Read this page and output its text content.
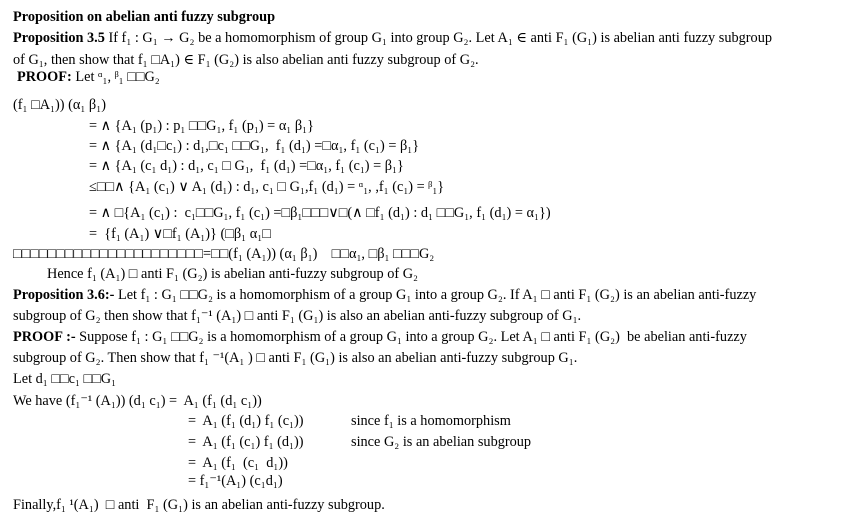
Proposition on abelian anti fuzzy subgroup
Proposition 3.5 If f₁ : G₁ → G₂ be a homomorphism of group G₁ into group G₂. Let A₁ ∈ anti F₁ (G₁) is abelian anti fuzzy subgroup
of G₁, then show that f₁ □A₁) ∈ F₁ (G₂) is also abelian anti fuzzy subgroup of G₂.
PROOF: Let ᵅ₁, ᵝ₁ □□G₂
(f₁ □A₁)) (α₁ β₁)
= ∧ {A₁ (p₁) : p₁ □□G₁, f₁ (p₁) = α₁ β₁}
= ∧ {A₁ (d₁□c₁) : d₁,□c₁ □□G₁,  f₁ (d₁) =□α₁, f₁ (c₁) = β₁}
= ∧ {A₁ (c₁ d₁) : d₁, c₁ □ G₁,  f₁ (d₁) =□α₁, f₁ (c₁) = β₁}
≤□□∧ {A₁ (c₁) ∨ A₁ (d₁) : d₁, c₁ □ G₁,f₁ (d₁) = ᵅ₁, ,f₁ (c₁) = ᵝ₁}
= ∧ □{A₁ (c₁) :  c₁□□G₁, f₁ (c₁) =□β₁□□□∨□(∧ □f₁ (d₁) : d₁ □□G₁, f₁ (d₁) = α₁})
=  {f₁ (A₁) ∨□f₁ (A₁)} (□β₁ α₁□
□□□□□□□□□□□□□□□□□□□□□□=□□(f₁ (A₁)) (α₁ β₁)    □□α₁, □β₁ □□□G₂
Hence f₁ (A₁) □ anti F₁ (G₂) is abelian anti-fuzzy subgroup of G₂
Proposition 3.6:- Let f₁ : G₁ □□G₂ is a homomorphism of a group G₁ into a group G₂. If A₁ □ anti F₁ (G₂) is an abelian anti-fuzzy
subgroup of G₂ then show that f₁⁻¹ (A₁) □ anti F₁ (G₁) is also an abelian anti-fuzzy subgroup of G₁.
PROOF :- Suppose f₁ : G₁ □□G₂ is a homomorphism of a group G₁ into a group G₂. Let A₁ □ anti F₁ (G₂)  be abelian anti-fuzzy
subgroup of G₂. Then show that f₁ ⁻¹(A₁ ) □ anti F₁ (G₁) is also an abelian anti-fuzzy subgroup G₁.
Let d₁ □□c₁ □□G₁
We have (f₁⁻¹ (A₁)) (d₁ c₁) =  A₁ (f₁ (d₁ c₁))
=  A₁ (f₁ (d₁) f₁ (c₁))	since f₁ is a homomorphism
=  A₁ (f₁ (c₁) f₁ (d₁))	since G₂ is an abelian subgroup
=  A₁ (f₁  (c₁  d₁))
= f₁⁻¹(A₁) (c₁d₁)
Finally,f₁ ¹(A₁)  □ anti  F₁ (G₁) is an abelian anti-fuzzy subgroup.
